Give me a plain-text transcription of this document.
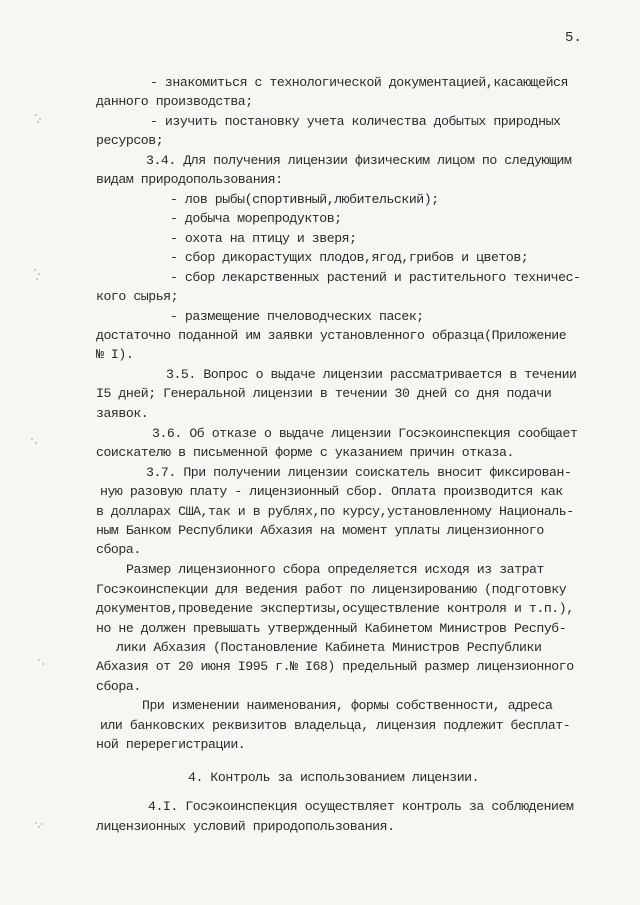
5.
- знакомиться с технологической документацией,касающейся
данного производства;
- изучить постановку учета количества добытых природных
ресурсов;
3.4. Для получения лицензии физическим лицом по следующим
видам природопользования:
- лов рыбы(спортивный,любительский);
- добыча морепродуктов;
- охота на птицу и зверя;
- сбор дикорастущих плодов,ягод,грибов и цветов;
- сбор лекарственных растений и растительного техничес-
кого сырья;
- размещение пчеловодческих пасек;
достаточно поданной им заявки установленного образца(Приложение
№ I).
3.5. Вопрос о выдаче лицензии рассматривается в течении
I5 дней; Генеральной лицензии в течении 30 дней со дня подачи
заявок.
3.6. Об отказе о выдаче лицензии Госэкоинспекция сообщает
соискателю в письменной форме с указанием причин отказа.
3.7. При получении лицензии соискатель вносит фиксирован-
ную разовую плату - лицензионный сбор. Оплата производится как
в долларах США,так и в рублях,по курсу,установленному Националь-
ным Банком Республики Абхазия на момент уплаты лицензионного
сбора.
Размер лицензионного сбора определяется исходя из затрат
Госэкоинспекции для ведения работ по лицензированию (подготовку
документов,проведение экспертизы,осуществление контроля и т.п.),
но не должен превышать утвержденный Кабинетом Министров Респуб-
лики Абхазия (Постановление Кабинета Министров Республики
Абхазия от 20 июня I995 г.№ I68) предельный размер лицензионного
сбора.
При изменении наименования, формы собственности, адреса
или банковских реквизитов владельца, лицензия подлежит бесплат-
ной перерегистрации.
4. Контроль за использованием лицензии.
4.I. Госэкоинспекция осуществляет контроль за соблюдением
лицензионных условий природопользования.
